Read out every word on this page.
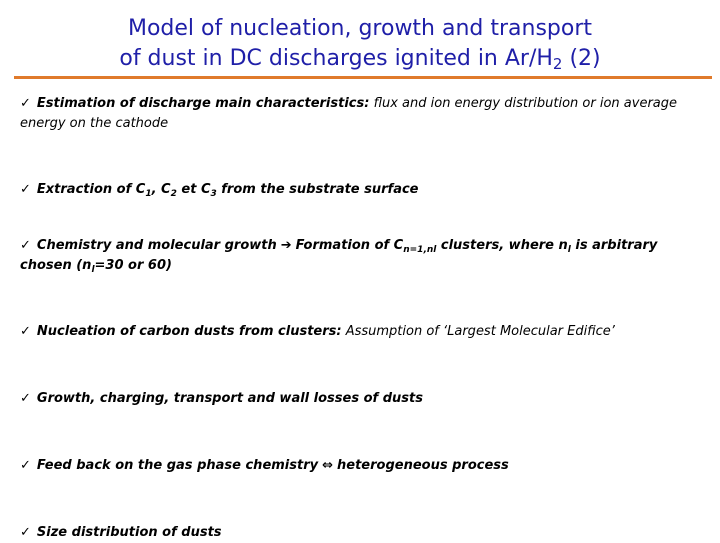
Model of nucleation, growth and transport
of dust in DC discharges ignited in $Ar/H_2$ (2)
✓ Estimation of discharge main characteristics: flux and ion energy distribution or ion average energy on the cathode
✓ Extraction of $C_1$, $C_2$ et $C_3$ from the substrate surface
✓ Chemistry and molecular growth ➔ Formation of $C_{n=1,nl}$ clusters, where $n_l$ is arbitrary chosen ($n_l=30$ or 60)
✓ Nucleation of carbon dusts from clusters: Assumption of ‘Largest Molecular Edifice’
✓ Growth, charging, transport and wall losses of dusts
✓ Feed back on the gas phase chemistry ⇔ heterogeneous process
✓ Size distribution of dusts
